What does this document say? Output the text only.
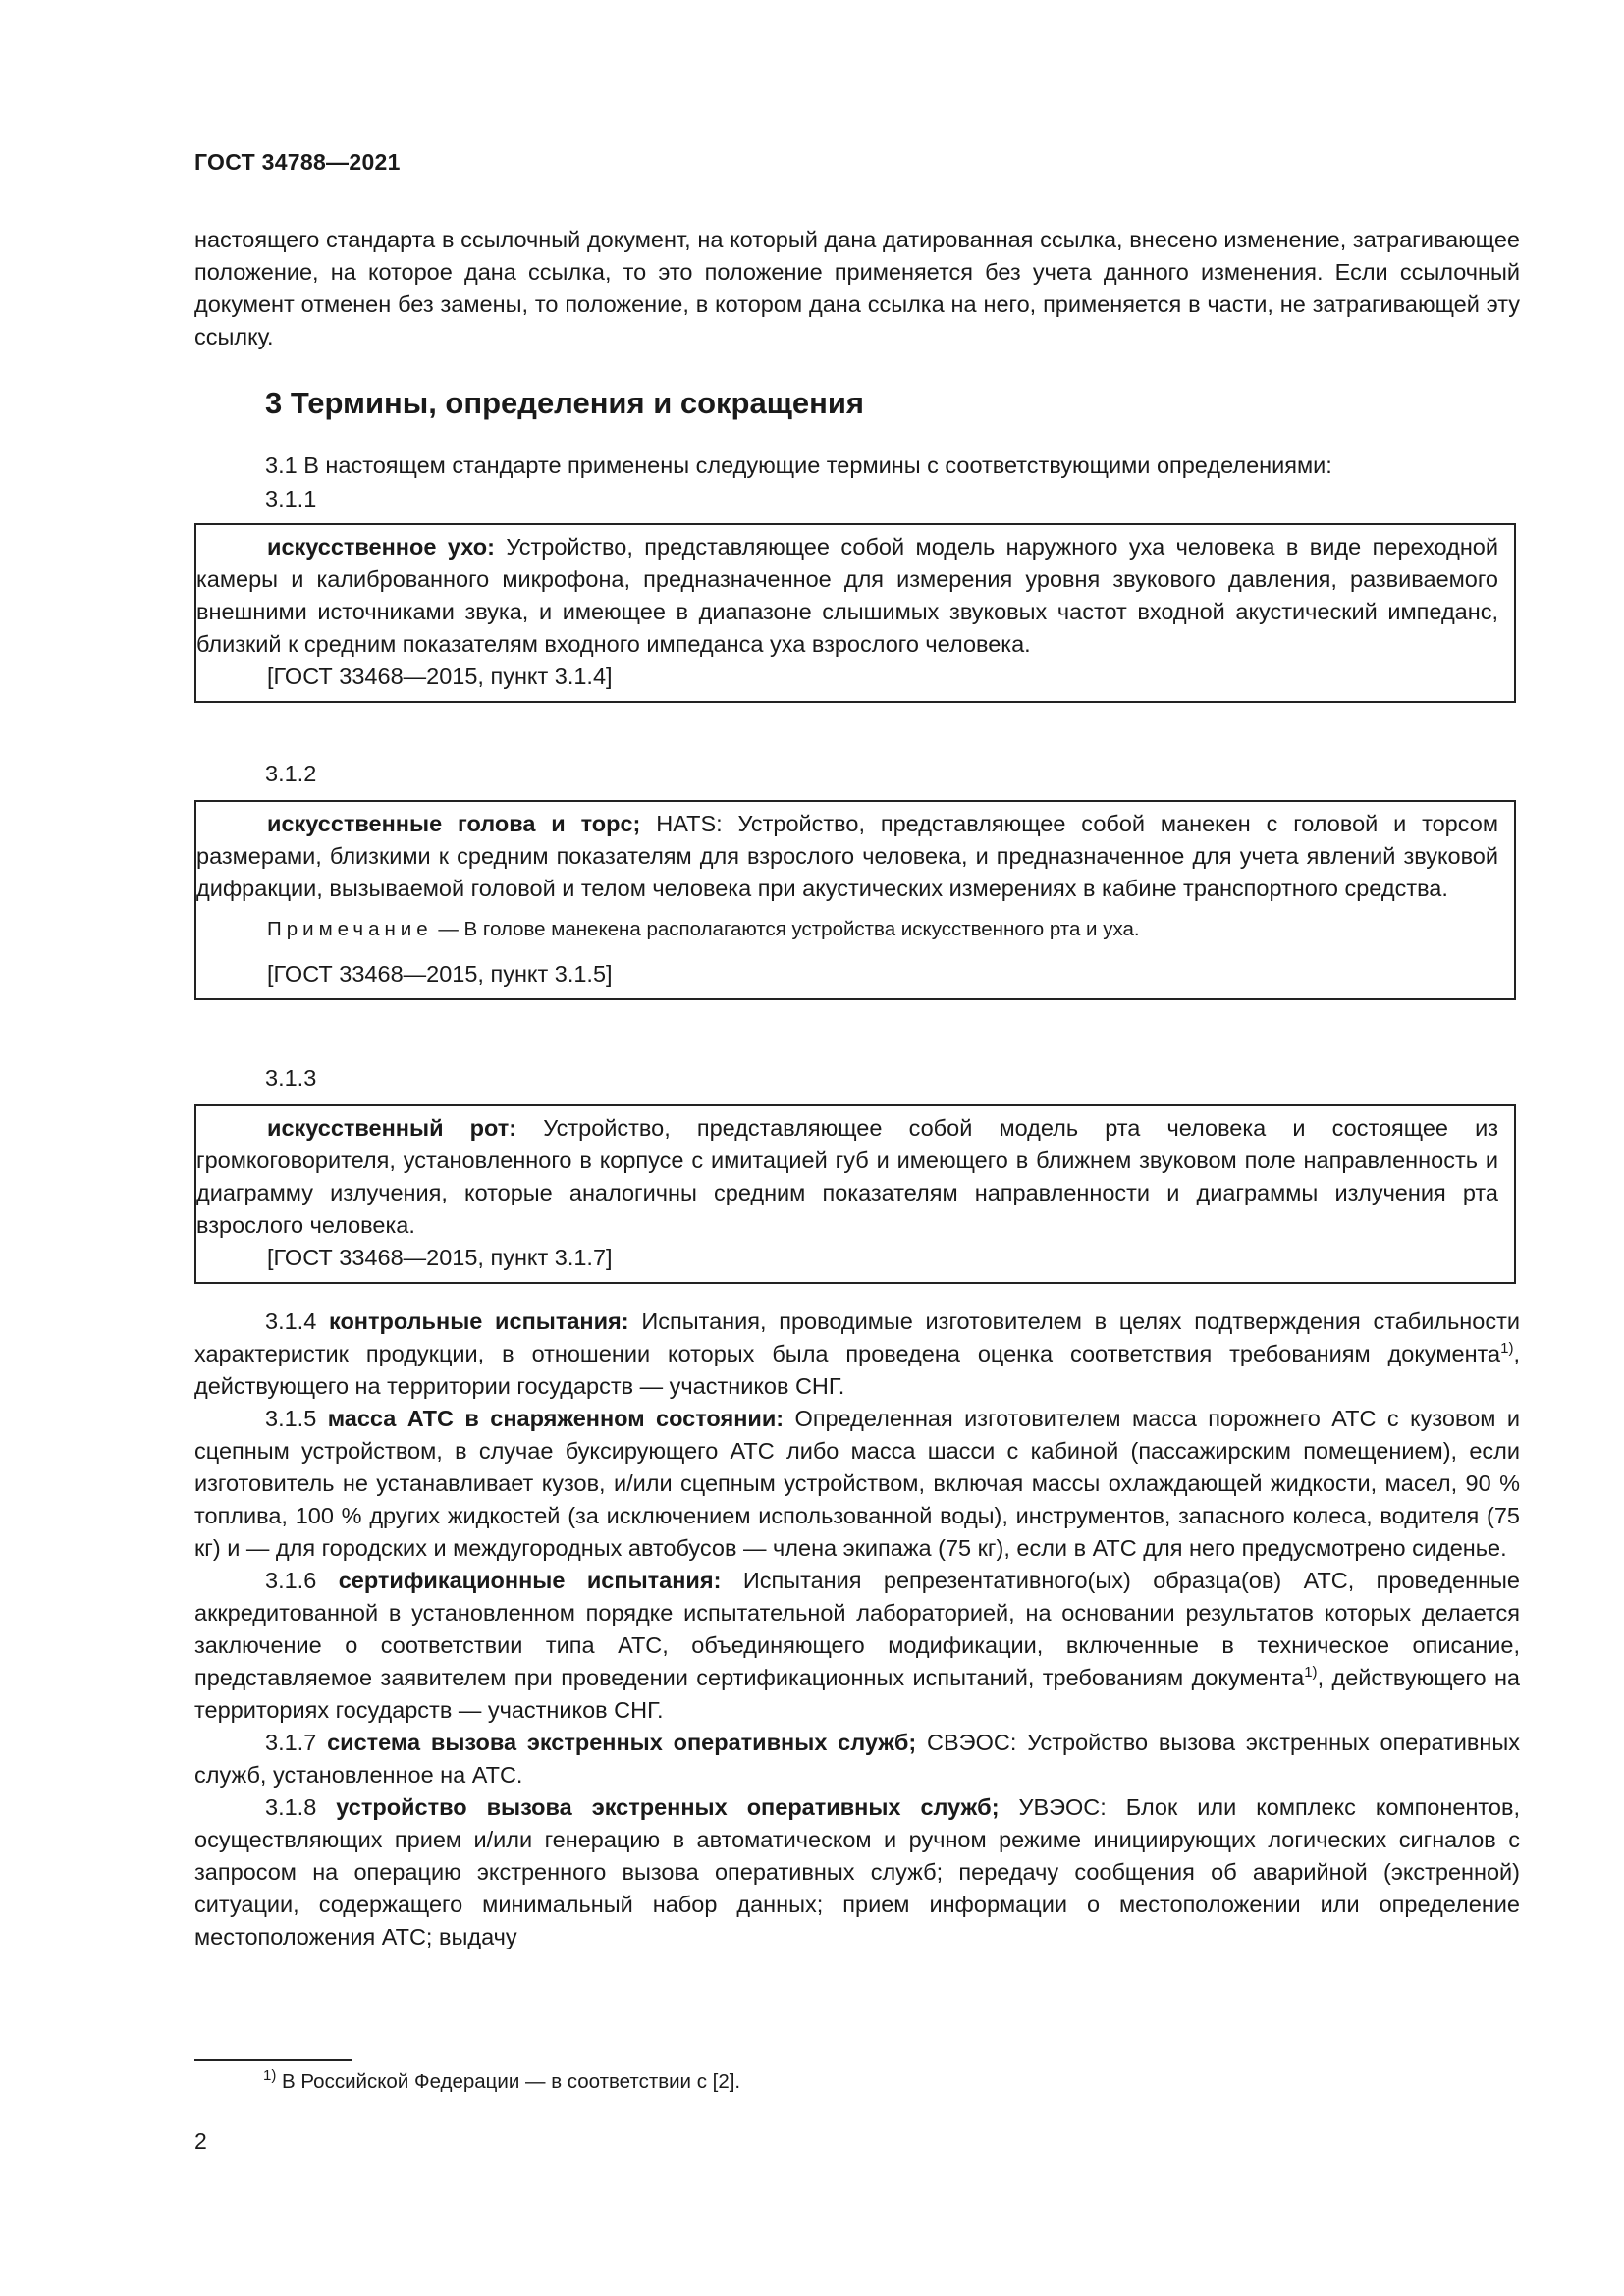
ГОСТ 34788—2021

настоящего стандарта в ссылочный документ, на который дана датированная ссылка, внесено изменение, затрагивающее положение, на которое дана ссылка, то это положение применяется без учета данного изменения. Если ссылочный документ отменен без замены, то положение, в котором дана ссылка на него, применяется в части, не затрагивающей эту ссылку.

3 Термины, определения и сокращения
3.1 В настоящем стандарте применены следующие термины с соответствующими определениями:
3.1.1

искусственное ухо: Устройство, представляющее собой модель наружного уха человека в виде переходной камеры и калиброванного микрофона, предназначенное для измерения уровня звукового давления, развиваемого внешними источниками звука, и имеющее в диапазоне слышимых звуковых частот входной акустический импеданс, близкий к средним показателям входного импеданса уха взрослого человека.

[ГОСТ 33468—2015, пункт 3.1.4]
3.1.2

искусственные голова и торс; HATS: Устройство, представляющее собой манекен с головой и торсом размерами, близкими к средним показателям для взрослого человека, и предназначенное для учета явлений звуковой дифракции, вызываемой головой и телом человека при акустических измерениях в кабине транспортного средства.

Примечание — В голове манекена располагаются устройства искусственного рта и уха.
[ГОСТ 33468—2015, пункт 3.1.5]
3.1.3

искусственный рот: Устройство, представляющее собой модель рта человека и состоящее из громкоговорителя, установленного в корпусе с имитацией губ и имеющего в ближнем звуковом поле направленность и диаграмму излучения, которые аналогичны средним показателям направленности и диаграммы излучения рта взрослого человека.

[ГОСТ 33468—2015, пункт 3.1.7]

3.1.4 контрольные испытания: Испытания, проводимые изготовителем в целях подтверждения стабильности характеристик продукции, в отношении которых была проведена оценка соответствия требованиям документа$^{1)}$, действующего на территории государств — участников СНГ.

3.1.5 масса АТС в снаряженном состоянии: Определенная изготовителем масса порожнего АТС с кузовом и сцепным устройством, в случае буксирующего АТС либо масса шасси с кабиной (пассажирским помещением), если изготовитель не устанавливает кузов, и/или сцепным устройством, включая массы охлаждающей жидкости, масел, 90 % топлива, 100 % других жидкостей (за исключением использованной воды), инструментов, запасного колеса, водителя (75 кг) и — для городских и междугородных автобусов — члена экипажа (75 кг), если в АТС для него предусмотрено сиденье.

3.1.6 сертификационные испытания: Испытания репрезентативного(ых) образца(ов) АТС, проведенные аккредитованной в установленном порядке испытательной лабораторией, на основании результатов которых делается заключение о соответствии типа АТС, объединяющего модификации, включенные в техническое описание, представляемое заявителем при проведении сертификационных испытаний, требованиям документа$^{1)}$, действующего на территориях государств — участников СНГ.

3.1.7 система вызова экстренных оперативных служб; СВЭОС: Устройство вызова экстренных оперативных служб, установленное на АТС.

3.1.8 устройство вызова экстренных оперативных служб; УВЭОС: Блок или комплекс компонентов, осуществляющих прием и/или генерацию в автоматическом и ручном режиме инициирующих логических сигналов с запросом на операцию экстренного вызова оперативных служб; передачу сообщения об аварийной (экстренной) ситуации, содержащего минимальный набор данных; прием информации о местоположении или определение местоположения АТС; выдачу

$^{1)}$ В Российской Федерации — в соответствии с [2].
2
